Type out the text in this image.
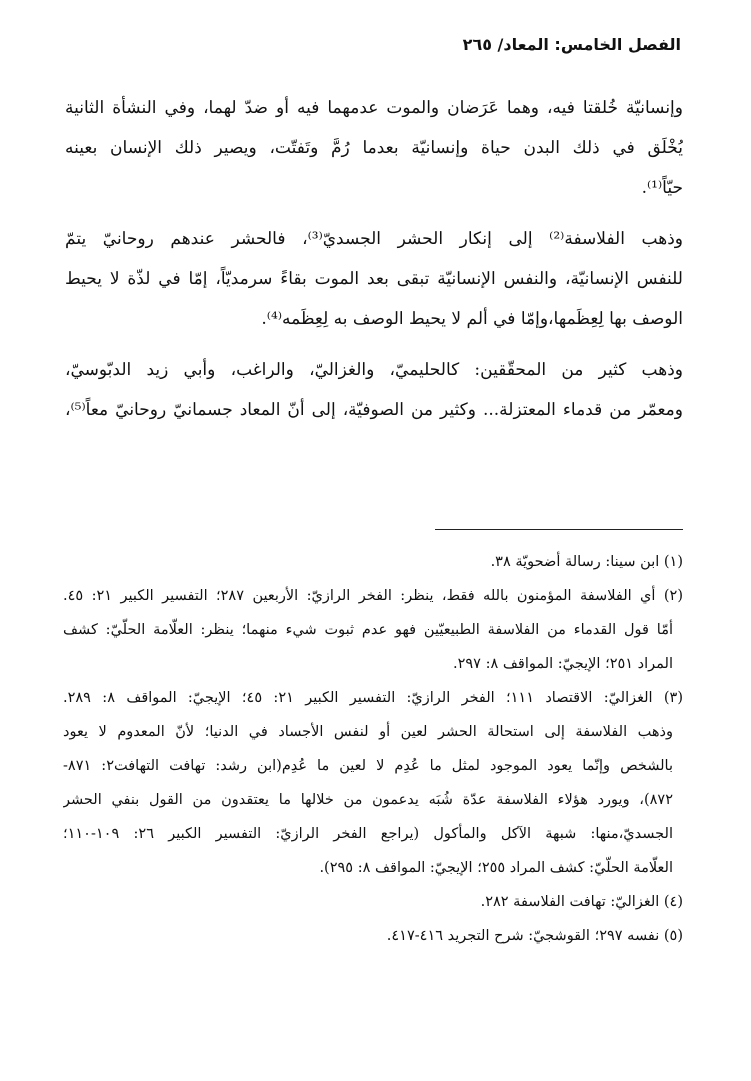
الفصل الخامس: المعاد/ ٢٦٥

وإنسانيّة خُلقتا فيه، وهما عَرَضان والموت عدمهما فيه أو ضدّ لهما، وفي النشأة الثانية
يُخْلَق في ذلك البدن حياة وإنسانيّة بعدما رُمَّ وتَفتّت، ويصير ذلك الإنسان بعينه
حيّاً⁽¹⁾.

وذهب الفلاسفة⁽²⁾ إلى إنكار الحشر الجسديّ⁽³⁾، فالحشر عندهم روحانيّ يتمّ
للنفس الإنسانيّة، والنفس الإنسانيّة تبقى بعد الموت بقاءً سرمديّاً، إمّا في لذّة لا يحيط
الوصف بها لِعِظَمها،وإمّا في ألم لا يحيط الوصف به لِعِظَمه⁽⁴⁾.

وذهب كثير من المحقّقين: كالحليميّ، والغزاليّ، والراغب، وأبي زيد الدبّوسيّ،
ومعمّر من قدماء المعتزلة... وكثير من الصوفيّة، إلى أنّ المعاد جسمانيّ روحانيّ معاً⁽⁵⁾،

(١) ابن سينا: رسالة أضحويّة ٣٨.
(٢) أي الفلاسفة المؤمنون بالله فقط، ينظر: الفخر الرازيّ: الأربعين ٢٨٧؛ التفسير الكبير ٢١: ٤٥.
أمّا قول القدماء من الفلاسفة الطبيعيّين فهو عدم ثبوت شيء منهما؛ ينظر: العلّامة الحلّيّ: كشف
المراد ٢٥١؛ الإيجيّ: المواقف ٨: ٢٩٧.
(٣) الغزاليّ: الاقتصاد ١١١؛ الفخر الرازيّ: التفسير الكبير ٢١: ٤٥؛ الإيجيّ: المواقف ٨: ٢٨٩.
وذهب الفلاسفة إلى استحالة الحشر لعين أو لنفس الأجساد في الدنيا؛ لأنّ المعدوم لا يعود
بالشخص وإنّما يعود الموجود لمثل ما عُدِم لا لعين ما عُدِم(ابن رشد: تهافت التهافت٢: ٨٧١-
٨٧٢)، ويورد هؤلاء الفلاسفة عدّة شُبَه يدعمون من خلالها ما يعتقدون من القول بنفي الحشر
الجسديّ،منها: شبهة الآكل والمأكول (يراجع الفخر الرازيّ: التفسير الكبير ٢٦: ١٠٩-١١٠؛
العلّامة الحلّيّ: كشف المراد ٢٥٥؛ الإيجيّ: المواقف ٨: ٢٩٥).
(٤) الغزاليّ: تهافت الفلاسفة ٢٨٢.
(٥) نفسه ٢٩٧؛ القوشجيّ: شرح التجريد ٤١٦-٤١٧.
